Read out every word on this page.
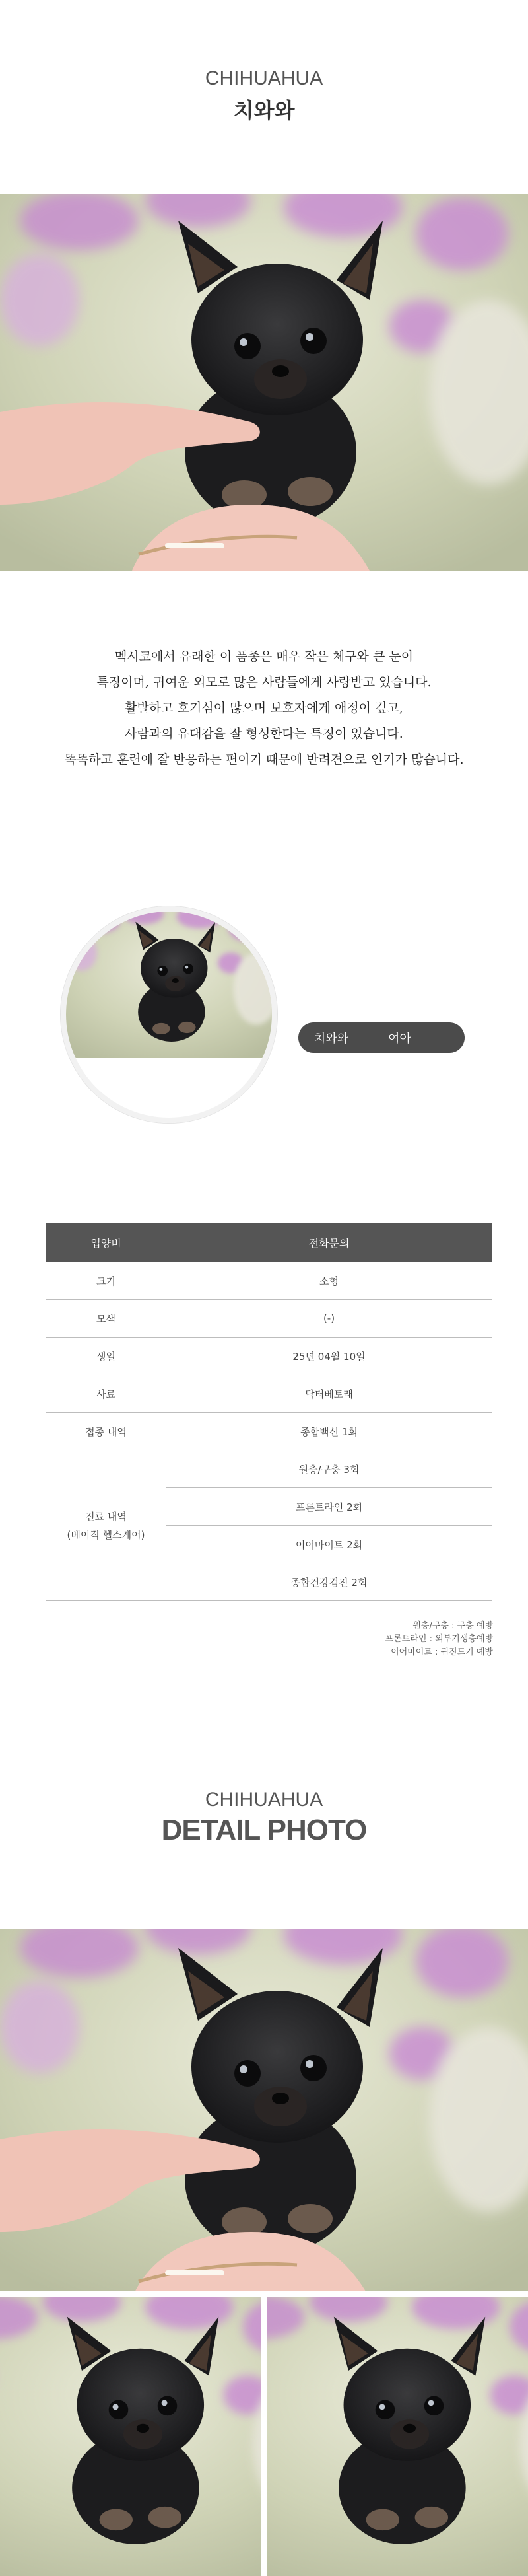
CHIHUAHUA
치와와
멕시코에서 유래한 이 품종은 매우 작은 체구와 큰 눈이
특징이며, 귀여운 외모로 많은 사람들에게 사랑받고 있습니다.
활발하고 호기심이 많으며 보호자에게 애정이 깊고,
사람과의 유대감을 잘 형성한다는 특징이 있습니다.
똑똑하고 훈련에 잘 반응하는 편이기 때문에 반려견으로 인기가 많습니다.
치와와	여아
입양비	전화문의
크기	소형
모색	(-)
생일	25년 04월 10일
사료	닥터베토래
접종 내역	종합백신 1회

진료 내역
(베이직 헬스케어)	원충/구충 3회
	프론트라인 2회
	이어마이트 2회
	종합건강검진 2회
원충/구충 : 구충 예방
프론트라인 : 외부기생충예방
이어마이트 : 귀진드기 예방
CHIHUAHUA
DETAIL PHOTO
